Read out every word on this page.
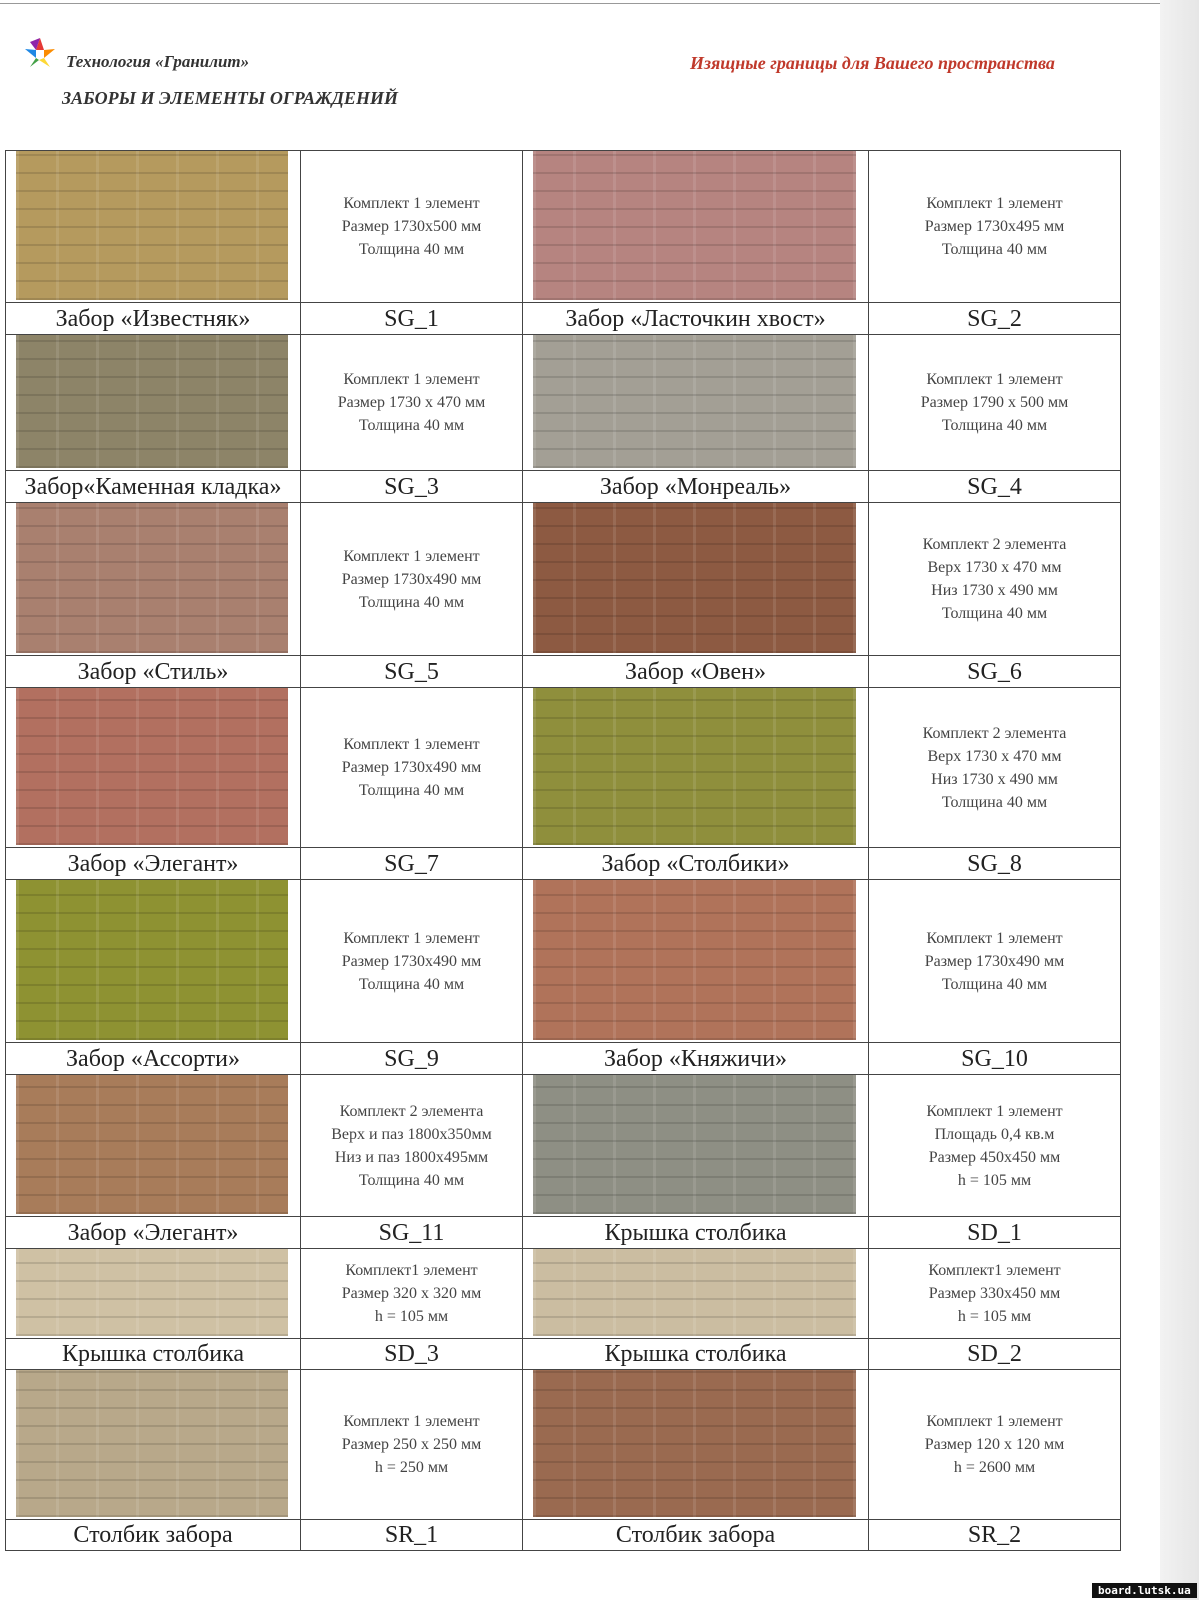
Технология «Гранилит»
ЗАБОРЫ И ЭЛЕМЕНТЫ ОГРАЖДЕНИЙ
Изящные границы для Вашего пространства

	Комплект 1 элемент
Размер 1730х500 мм
Толщина 40 мм		Комплект 1 элемент
Размер 1730х495 мм
Толщина 40 мм

Забор «Известняк»	SG_1	Забор «Ласточкин хвост»	SG_2

	Комплект 1 элемент
Размер 1730 х 470 мм
Толщина 40 мм		Комплект 1 элемент
Размер 1790 х 500 мм
Толщина 40 мм

Забор«Каменная кладка»	SG_3	Забор «Монреаль»	SG_4

	Комплект 1 элемент
Размер 1730х490 мм
Толщина 40 мм		Комплект 2 элемента
Верх 1730 х 470 мм
Низ 1730 х 490 мм
Толщина 40 мм

Забор «Стиль»	SG_5	Забор «Овен»	SG_6

	Комплект 1 элемент
Размер 1730х490 мм
Толщина 40 мм		Комплект 2 элемента
Верх 1730 х 470 мм
Низ 1730 х 490 мм
Толщина 40 мм

Забор «Элегант»	SG_7	Забор «Столбики»	SG_8

	Комплект 1 элемент
Размер 1730х490 мм
Толщина 40 мм		Комплект 1 элемент
Размер 1730х490 мм
Толщина 40 мм

Забор «Ассорти»	SG_9	Забор «Княжичи»	SG_10

	Комплект 2 элемента
Верх и паз 1800х350мм
Низ и паз 1800х495мм
Толщина 40 мм		Комплект 1 элемент
Площадь 0,4 кв.м
Размер 450х450 мм
h = 105 мм

Забор «Элегант»	SG_11	Крышка столбика	SD_1

	Комплект1 элемент
Размер 320 х 320 мм
h = 105 мм		Комплект1 элемент
Размер 330х450 мм
h = 105 мм

Крышка столбика	SD_3	Крышка столбика	SD_2

	Комплект 1 элемент
Размер 250 х 250 мм
h = 250 мм		Комплект 1 элемент
Размер 120 х 120 мм
h = 2600 мм

Столбик забора	SR_1	Столбик забора	SR_2
board.lutsk.ua
